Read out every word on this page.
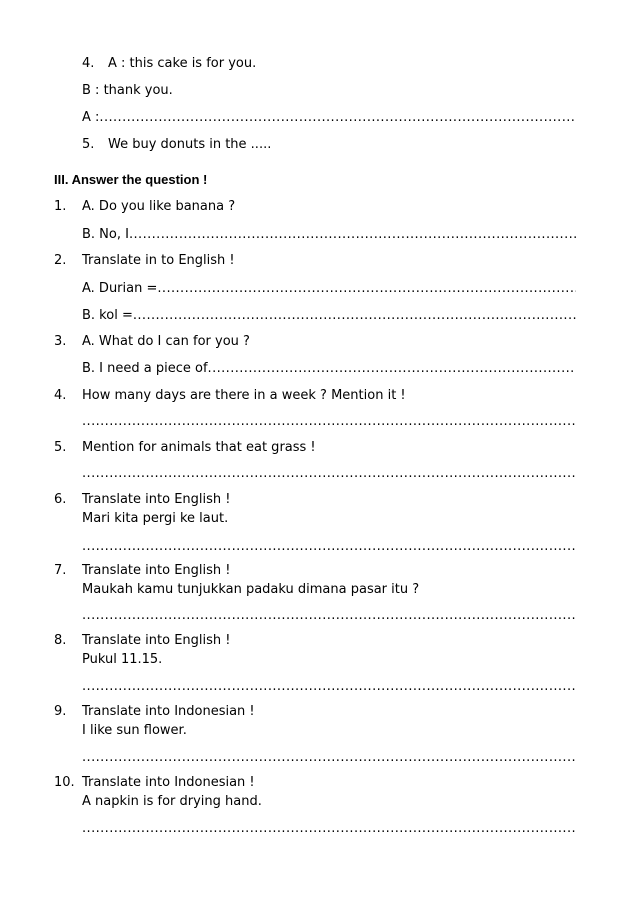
4. A : this cake is for you.
B : thank you.
A :
.....
5. We buy donuts in the .....
III. Answer the question !
1. A. Do you like banana ?
B. No, I
.....
2. Translate in to English !
A. Durian =
.....
B. kol =
.....
3. A. What do I can for you ?
B. I need a piece of
.....
4. How many days are there in a week ? Mention it !
.....
5. Mention for animals that eat grass !
.....
6. Translate into English !
Mari kita pergi ke laut.
.....
7. Translate into English !
Maukah kamu tunjukkan padaku dimana pasar itu ?
.....
8. Translate into English !
Pukul 11.15.
.....
9. Translate into Indonesian !
I like sun flower.
.....
10. Translate into Indonesian !
A napkin is for drying hand.
.....
